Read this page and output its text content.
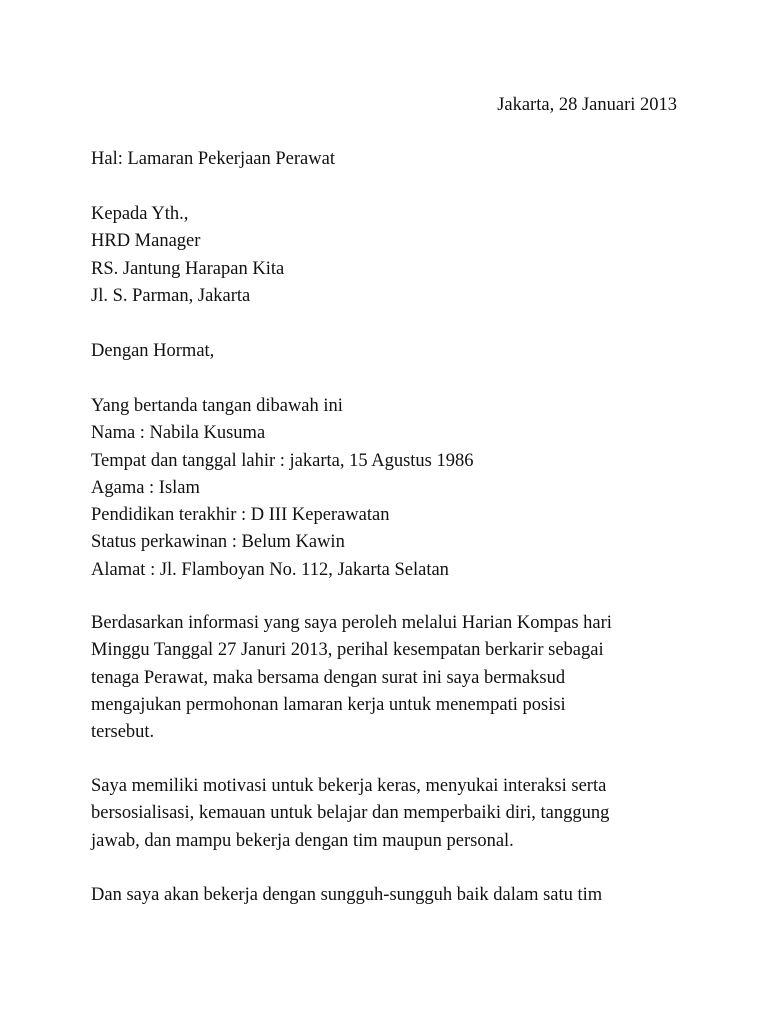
Jakarta, 28 Januari 2013
Hal: Lamaran Pekerjaan Perawat
Kepada Yth.,
HRD Manager
RS. Jantung Harapan Kita
Jl. S. Parman, Jakarta
Dengan Hormat,
Yang bertanda tangan dibawah ini
Nama : Nabila Kusuma
Tempat dan tanggal lahir : jakarta, 15 Agustus 1986
Agama : Islam
Pendidikan terakhir : D III Keperawatan
Status perkawinan : Belum Kawin
Alamat : Jl. Flamboyan No. 112, Jakarta Selatan
Berdasarkan informasi yang saya peroleh melalui Harian Kompas hari
Minggu Tanggal 27 Januri 2013, perihal kesempatan berkarir sebagai
tenaga Perawat, maka bersama dengan surat ini saya bermaksud
mengajukan permohonan lamaran kerja untuk menempati posisi
tersebut.
Saya memiliki motivasi untuk bekerja keras, menyukai interaksi serta
bersosialisasi, kemauan untuk belajar dan memperbaiki diri, tanggung
jawab, dan mampu bekerja dengan tim maupun personal.
Dan saya akan bekerja dengan sungguh-sungguh baik dalam satu tim
